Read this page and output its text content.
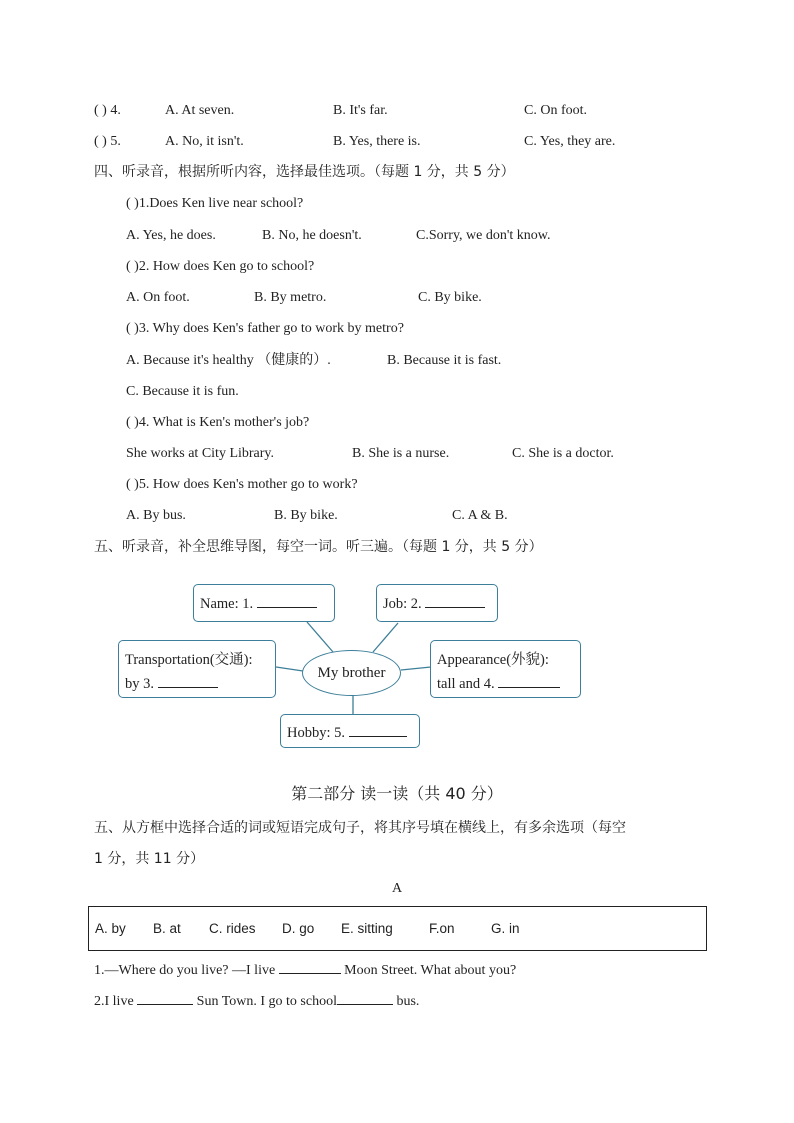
( ) 4.	A. At seven.	B. It's far.	C. On foot.
( ) 5.	A. No, it isn't.	B. Yes, there is.	C. Yes, they are.
四、听录音，根据所听内容，选择最佳选项。（每题 1 分，共 5 分）
( )1.Does Ken live near school?
A. Yes, he does.	B. No, he doesn't.	C.Sorry, we don't know.
( )2. How does Ken go to school?
A. On foot.	B. By metro.	C. By bike.
( )3. Why does Ken's father go to work by metro?
A. Because it's healthy （健康的）.	B. Because it is fast.
C. Because it is fun.
( )4. What is Ken's mother's job?
She works at City Library.	B. She is a nurse.	C. She is a doctor.
( )5. How does Ken's mother go to work?
A. By bus.	B. By bike.	C. A & B.
五、听录音，补全思维导图，每空一词。听三遍。（每题 1 分，共 5 分）
Name: 1.	Job: 2.
Transportation(交通):
by 3.
My brother
Appearance(外貌):
tall and 4.
Hobby: 5.
第二部分 读一读（共 40 分）
五、从方框中选择合适的词或短语完成句子，将其序号填在横线上，有多余选项（每空
1 分，共 11 分）
A
A. by B. at C. rides D. go E. sitting	F.on	G. in
1.—Where do you live? —I live	Moon Street. What about you?
2.I live	Sun Town. I go to school	bus.
